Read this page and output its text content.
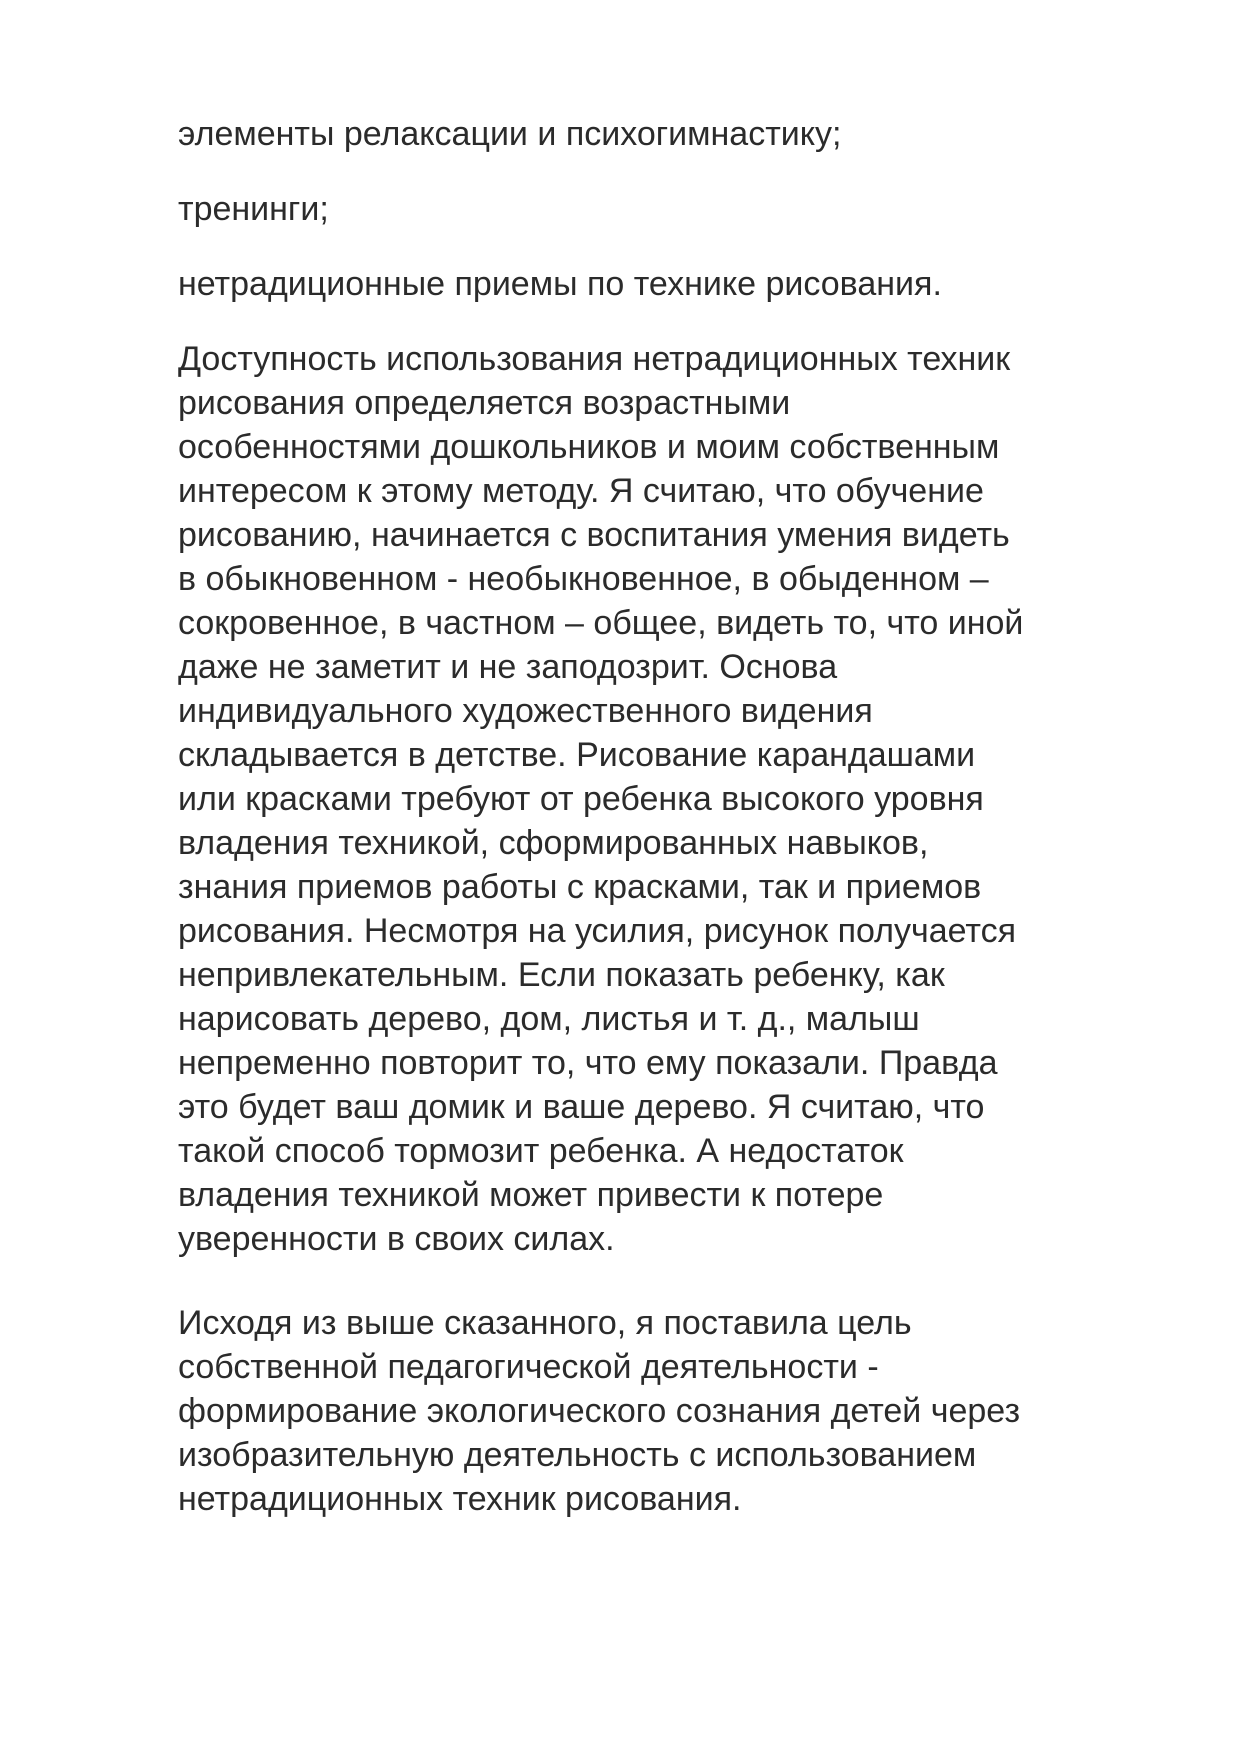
элементы релаксации и психогимнастику;

тренинги;

нетрадиционные приемы по технике рисования.

Доступность использования нетрадиционных техник
рисования определяется возрастными
особенностями дошкольников и моим собственным
интересом к этому методу. Я считаю, что обучение
рисованию, начинается с воспитания умения видеть
в обыкновенном - необыкновенное, в обыденном –
сокровенное, в частном – общее, видеть то, что иной
даже не заметит и не заподозрит. Основа
индивидуального художественного видения
складывается в детстве. Рисование карандашами
или красками требуют от ребенка высокого уровня
владения техникой, сформированных навыков,
знания приемов работы с красками, так и приемов
рисования. Несмотря на усилия, рисунок получается
непривлекательным. Если показать ребенку, как
нарисовать дерево, дом, листья и т. д., малыш
непременно повторит то, что ему показали. Правда
это будет ваш домик и ваше дерево. Я считаю, что
такой способ тормозит ребенка. А недостаток
владения техникой может привести к потере
уверенности в своих силах.

Исходя из выше сказанного, я поставила цель
собственной педагогической деятельности -
формирование экологического сознания детей через
изобразительную деятельность с использованием
нетрадиционных техник рисования.
